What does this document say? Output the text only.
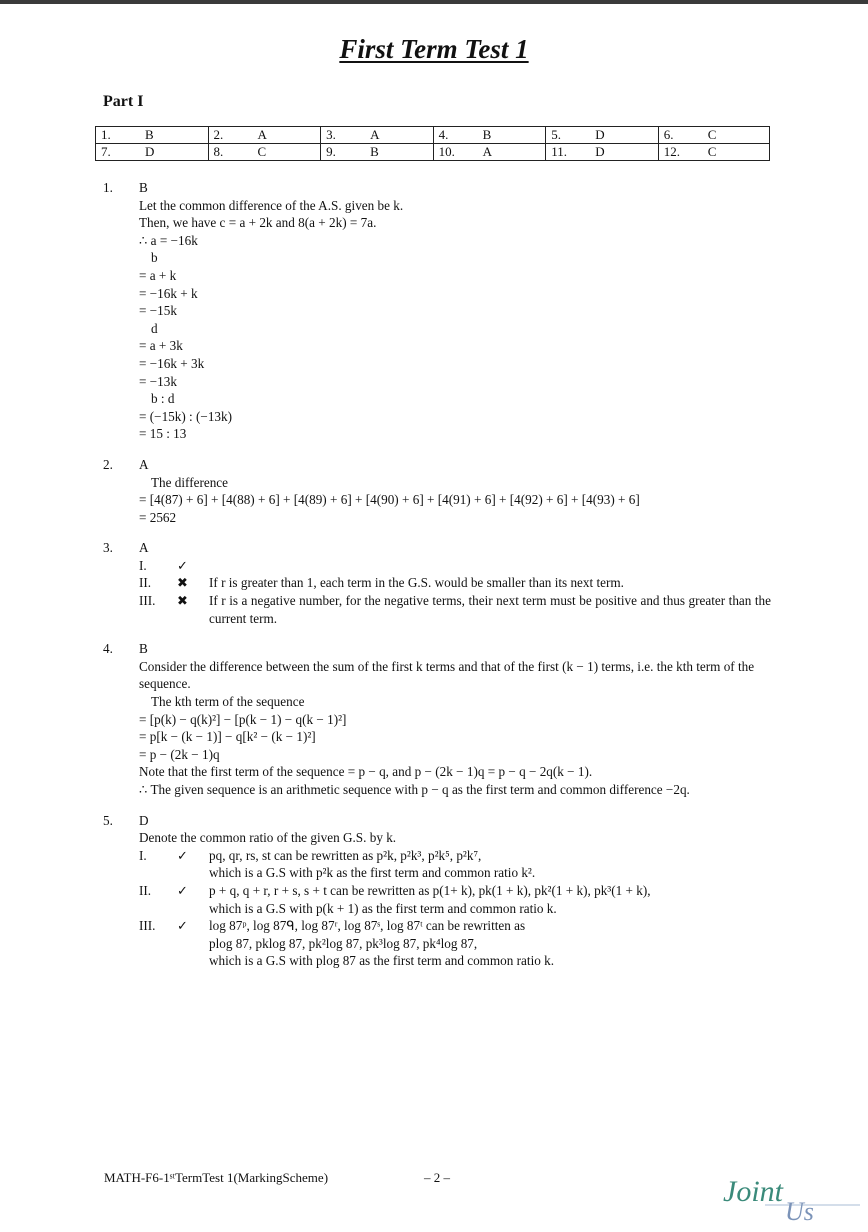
First Term Test 1
Part I
1. B	2. A	3. A	4. B	5. D	6. C
7. D	8. C	9. B	10. A	11. D	12. C
1.	B
Let the common difference of the A.S. given be k.
Then, we have c = a + 2k and 8(a + 2k) = 7a.
∴ a = −16k
b
= a + k
= −16k + k
= −15k
d
= a + 3k
= −16k + 3k
= −13k
b : d
= (−15k) : (−13k)
= 15 : 13
2.	A
The difference
= [4(87) + 6] + [4(88) + 6] + [4(89) + 6] + [4(90) + 6] + [4(91) + 6] + [4(92) + 6] + [4(93) + 6]
= 2562
3.	A
I.	✓
II.	✖	If r is greater than 1, each term in the G.S. would be smaller than its next term.
III.	✖	If r is a negative number, for the negative terms, their next term must be positive and thus greater than the current term.
4.	B
Consider the difference between the sum of the first k terms and that of the first (k − 1) terms, i.e. the kth term of the sequence.
The kth term of the sequence
= [p(k) − q(k)²] − [p(k − 1) − q(k − 1)²]
= p[k − (k − 1)] − q[k² − (k − 1)²]
= p − (2k − 1)q
Note that the first term of the sequence = p − q, and p − (2k − 1)q = p − q − 2q(k − 1).
∴ The given sequence is an arithmetic sequence with p − q as the first term and common difference −2q.
5.	D
Denote the common ratio of the given G.S. by k.
I.	✓	pq, qr, rs, st can be rewritten as p²k, p²k³, p²k⁵, p²k⁷,
which is a G.S with p²k as the first term and common ratio k².
II.	✓	p + q, q + r, r + s, s + t can be rewritten as p(1+ k), pk(1 + k), pk²(1 + k), pk³(1 + k),
which is a G.S with p(k + 1) as the first term and common ratio k.
III.	✓	log 87ᵖ, log 87ᑫ, log 87ʳ, log 87ˢ, log 87ᵗ can be rewritten as
plog 87, pklog 87, pk²log 87, pk³log 87, pk⁴log 87,
which is a G.S with plog 87 as the first term and common ratio k.
MATH-F6-1ˢᵗTermTest 1(MarkingScheme)	– 2 –	Joint
Us
